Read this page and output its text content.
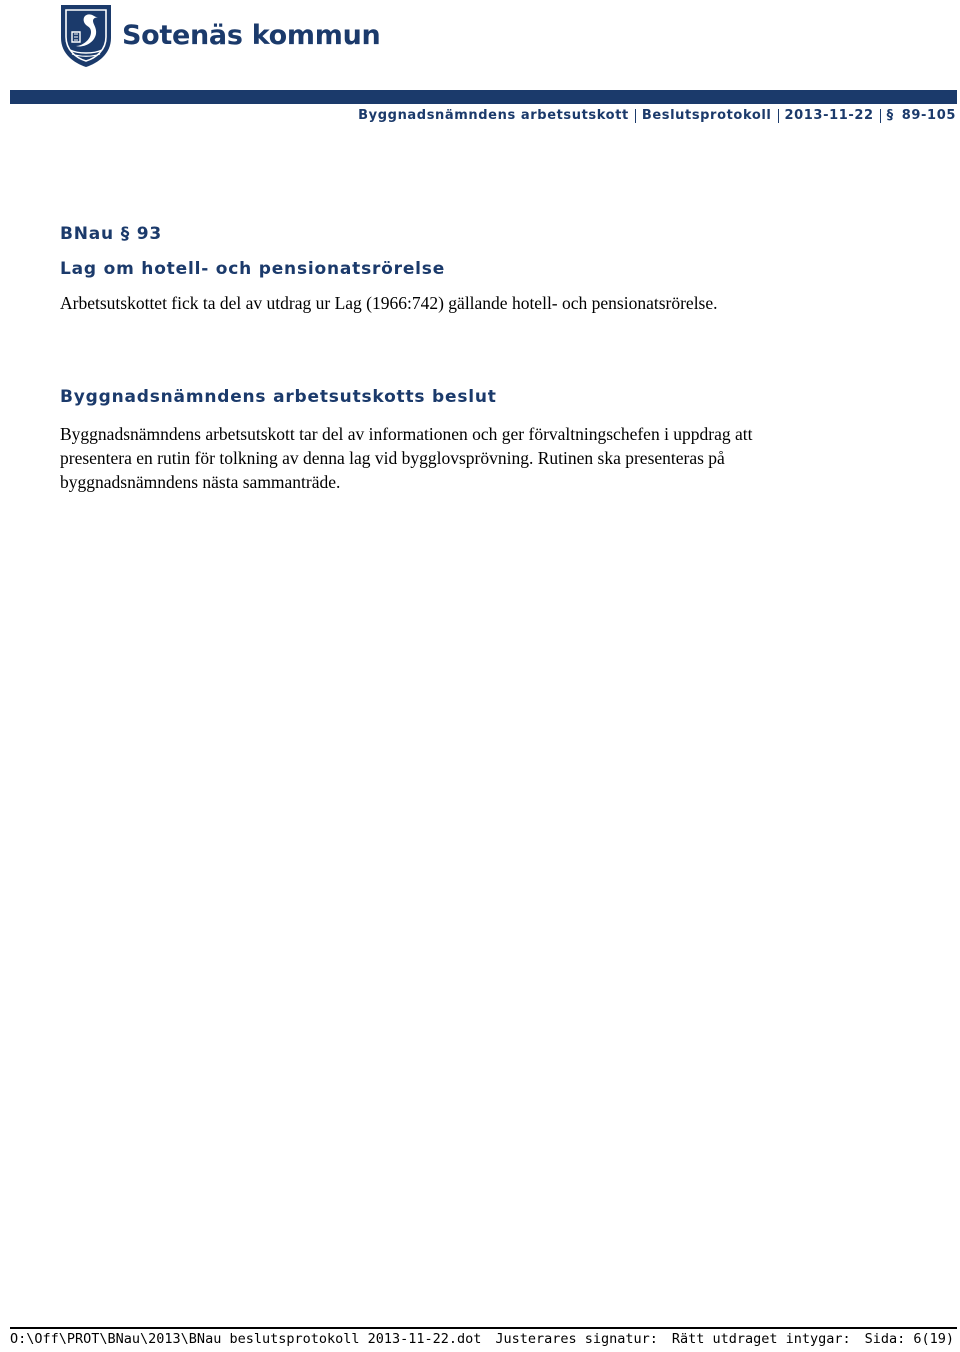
Sotenäs kommun
Byggnadsnämndens arbetsutskott Beslutsprotokoll 2013-11-22 § 89-105
BNau § 93
Lag om hotell- och pensionatsrörelse
Arbetsutskottet fick ta del av utdrag ur Lag (1966:742) gällande hotell- och pensionatsrörelse.
Byggnadsnämndens arbetsutskotts beslut
Byggnadsnämndens arbetsutskott tar del av informationen och ger förvaltningschefen i uppdrag att
presentera en rutin för tolkning av denna lag vid bygglovsprövning. Rutinen ska presenteras på
byggnadsnämndens nästa sammanträde.
O:\Off\PROT\BNau\2013\BNau beslutsprotokoll 2013-11-22.dot Justerares signatur: Rätt utdraget intygar: Sida: 6(19)
